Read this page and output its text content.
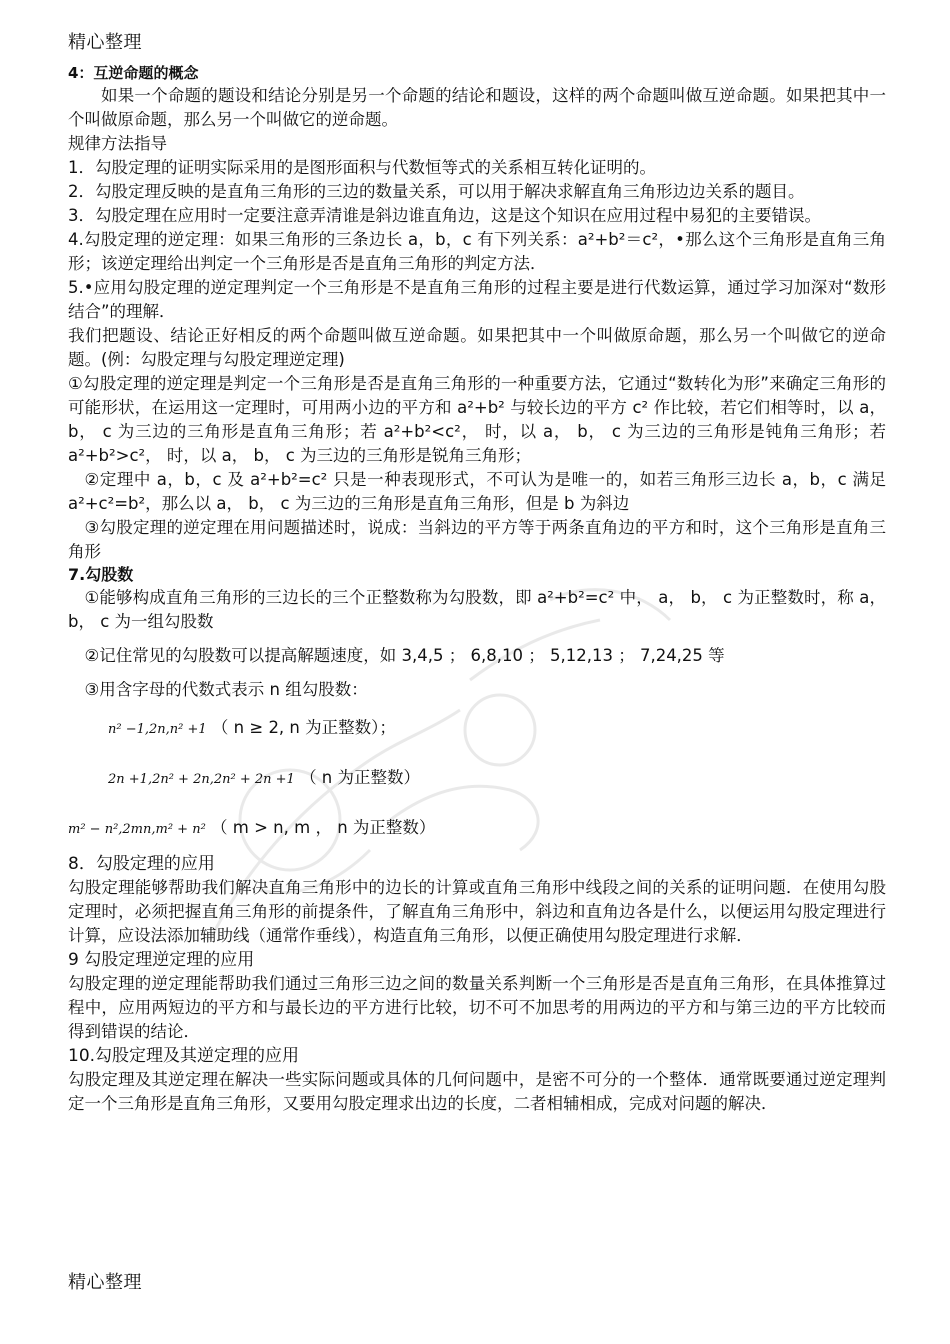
精心整理

4：互逆命题的概念

如果一个命题的题设和结论分别是另一个命题的结论和题设，这样的两个命题叫做互逆命题。如果把其中一个叫做原命题，那么另一个叫做它的逆命题。

规律方法指导

1．勾股定理的证明实际采用的是图形面积与代数恒等式的关系相互转化证明的。

2．勾股定理反映的是直角三角形的三边的数量关系，可以用于解决求解直角三角形边边关系的题目。

3．勾股定理在应用时一定要注意弄清谁是斜边谁直角边，这是这个知识在应用过程中易犯的主要错误。

4.勾股定理的逆定理：如果三角形的三条边长 a，b，c 有下列关系：a²+b²＝c²，•那么这个三角形是直角三角形；该逆定理给出判定一个三角形是否是直角三角形的判定方法．

5.•应用勾股定理的逆定理判定一个三角形是不是直角三角形的过程主要是进行代数运算，通过学习加深对“数形结合”的理解．

我们把题设、结论正好相反的两个命题叫做互逆命题。如果把其中一个叫做原命题，那么另一个叫做它的逆命题。(例：勾股定理与勾股定理逆定理)

①勾股定理的逆定理是判定一个三角形是否是直角三角形的一种重要方法，它通过“数转化为形”来确定三角形的可能形状，在运用这一定理时，可用两小边的平方和 a²+b² 与较长边的平方 c² 作比较，若它们相等时，以 a， b， c 为三边的三角形是直角三角形；若 a²+b²<c²， 时，以 a， b， c 为三边的三角形是钝角三角形；若 a²+b²>c²， 时，以 a， b， c 为三边的三角形是锐角三角形；

②定理中 a，b，c 及 a²+b²=c² 只是一种表现形式，不可认为是唯一的，如若三角形三边长 a，b，c 满足 a²+c²=b²，那么以 a， b， c 为三边的三角形是直角三角形，但是 b 为斜边

③勾股定理的逆定理在用问题描述时，说成：当斜边的平方等于两条直角边的平方和时，这个三角形是直角三角形

7.勾股数

①能够构成直角三角形的三边长的三个正整数称为勾股数，即 a²+b²=c² 中， a， b， c 为正整数时，称 a， b， c 为一组勾股数

②记住常见的勾股数可以提高解题速度，如 3,4,5 ； 6,8,10 ； 5,12,13 ； 7,24,25 等

③用含字母的代数式表示 n 组勾股数：

n² −1,2n,n² +1 （ n ≥ 2, n 为正整数）；

2n +1,2n² + 2n,2n² + 2n +1 （ n 为正整数）

m² − n²,2mn,m² + n² （ m > n, m ， n 为正整数）

8．勾股定理的应用

勾股定理能够帮助我们解决直角三角形中的边长的计算或直角三角形中线段之间的关系的证明问题．在使用勾股定理时，必须把握直角三角形的前提条件，了解直角三角形中，斜边和直角边各是什么，以便运用勾股定理进行计算，应设法添加辅助线（通常作垂线），构造直角三角形，以便正确使用勾股定理进行求解．

9 勾股定理逆定理的应用

勾股定理的逆定理能帮助我们通过三角形三边之间的数量关系判断一个三角形是否是直角三角形，在具体推算过程中，应用两短边的平方和与最长边的平方进行比较，切不可不加思考的用两边的平方和与第三边的平方比较而得到错误的结论．

10.勾股定理及其逆定理的应用

勾股定理及其逆定理在解决一些实际问题或具体的几何问题中，是密不可分的一个整体．通常既要通过逆定理判定一个三角形是直角三角形，又要用勾股定理求出边的长度，二者相辅相成，完成对问题的解决．

精心整理
